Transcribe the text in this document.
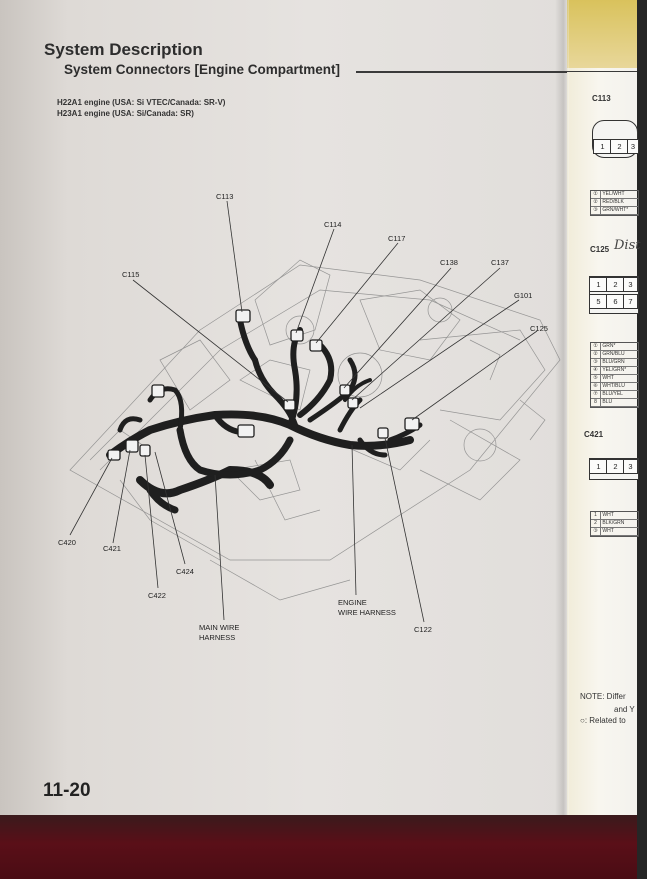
System Description
System Connectors [Engine Compartment]
H22A1 engine (USA: Si VTEC/Canada: SR-V)
H23A1 engine (USA: Si/Canada: SR)
C113
C114
C117
C115
C138	C137
G101
C125
C420
C421
C424
C422
ENGINE
WIRE HARNESS
MAIN WIRE
HARNESS
C122
11-20
C113
1	2	3
① YEL/WHT
② RED/BLK
③ GRN/WHT*
C125 Dist
1	2	3
5	6	7
① GRN*
② GRN/BLU
③ BLU/GRN
④ YEL/GRN*
⑤ WHT
⑥ WHT/BLU
⑦ BLU/YEL
8 BLU
C421
1	2	3
1 WHT
2 BLK/GRN
③ WHT
NOTE: Differ
and Y
○: Related to
